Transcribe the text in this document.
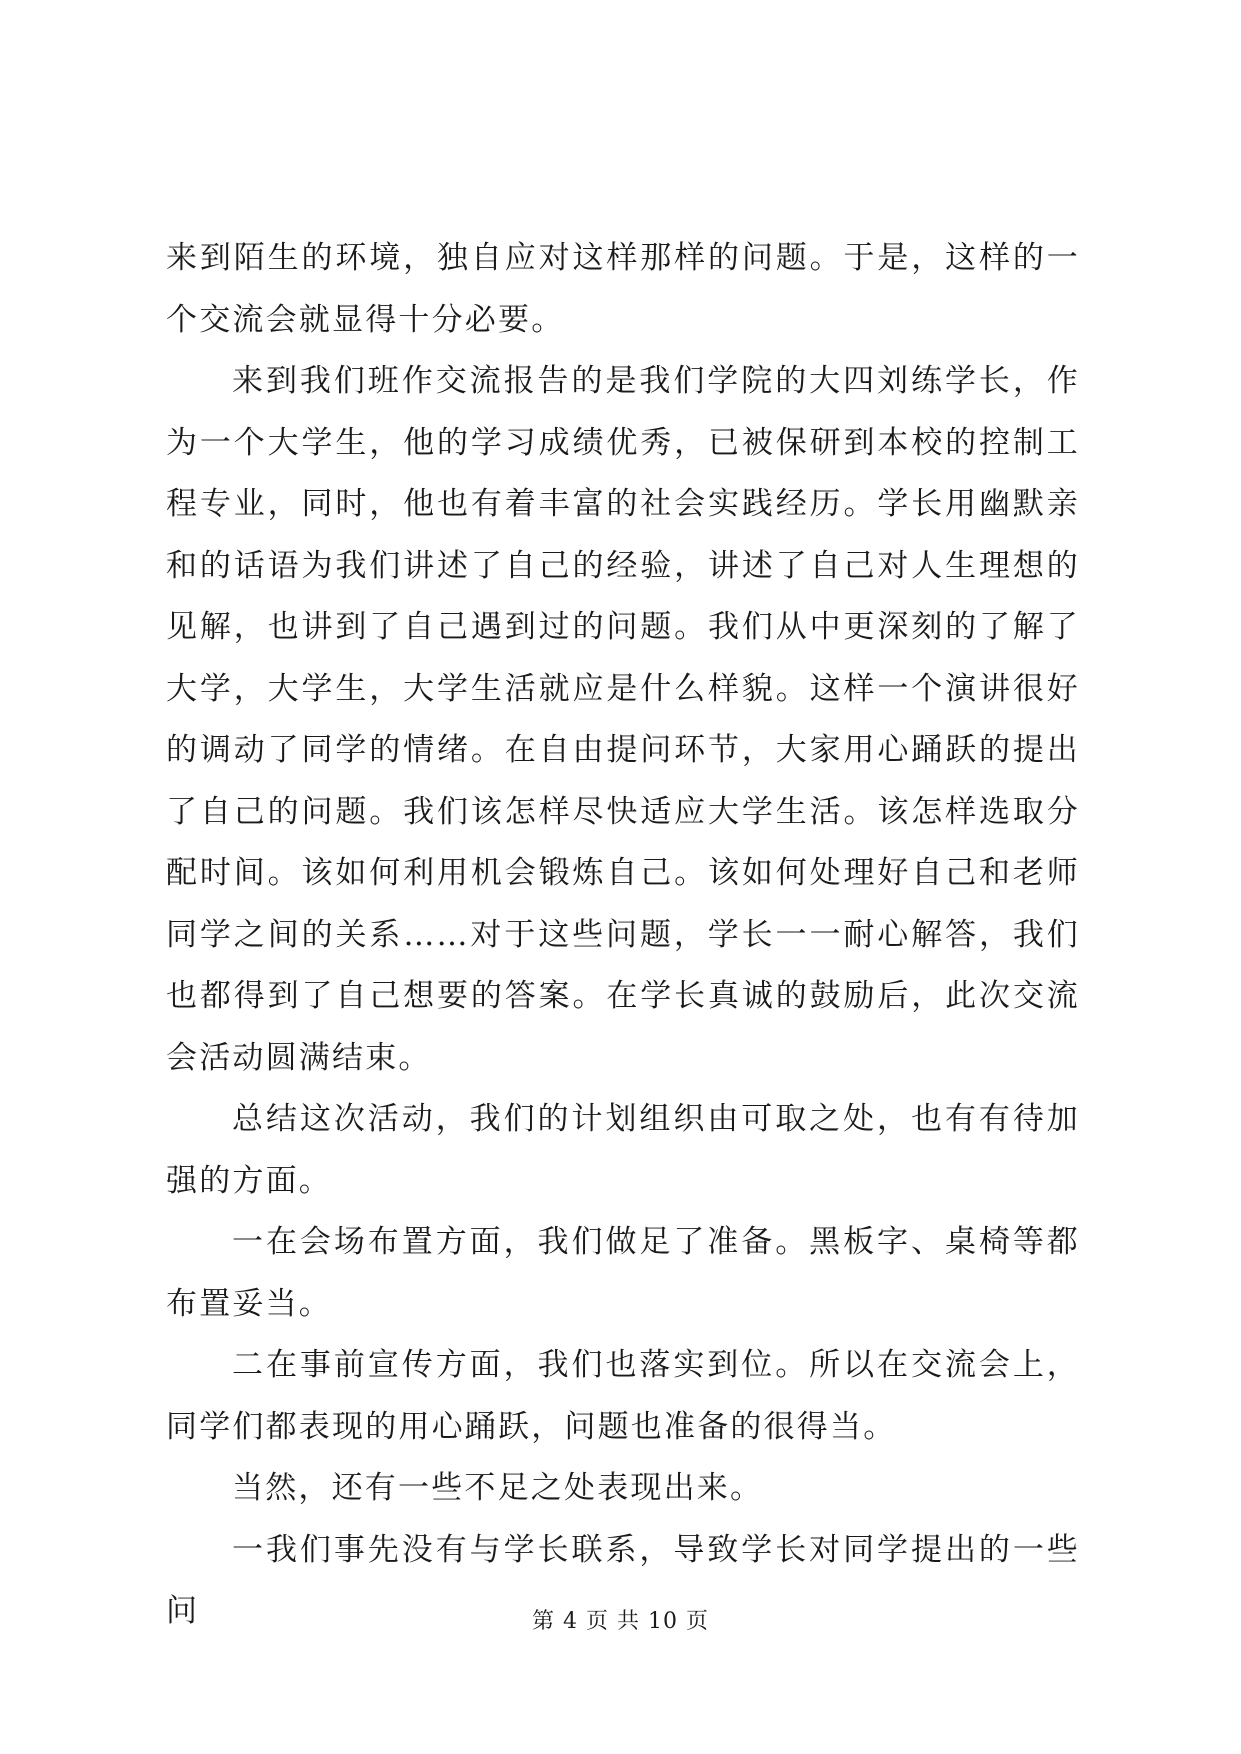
来到陌生的环境，独自应对这样那样的问题。于是，这样的一个交流会就显得十分必要。

来到我们班作交流报告的是我们学院的大四刘练学长，作为一个大学生，他的学习成绩优秀，已被保研到本校的控制工程专业，同时，他也有着丰富的社会实践经历。学长用幽默亲和的话语为我们讲述了自己的经验，讲述了自己对人生理想的见解，也讲到了自己遇到过的问题。我们从中更深刻的了解了大学，大学生，大学生活就应是什么样貌。这样一个演讲很好的调动了同学的情绪。在自由提问环节，大家用心踊跃的提出了自己的问题。我们该怎样尽快适应大学生活。该怎样选取分配时间。该如何利用机会锻炼自己。该如何处理好自己和老师同学之间的关系……对于这些问题，学长一一耐心解答，我们也都得到了自己想要的答案。在学长真诚的鼓励后，此次交流会活动圆满结束。

总结这次活动，我们的计划组织由可取之处，也有有待加强的方面。

一在会场布置方面，我们做足了准备。黑板字、桌椅等都布置妥当。

二在事前宣传方面，我们也落实到位。所以在交流会上，同学们都表现的用心踊跃，问题也准备的很得当。

当然，还有一些不足之处表现出来。

一我们事先没有与学长联系，导致学长对同学提出的一些问	第 4 页 共 10 页
